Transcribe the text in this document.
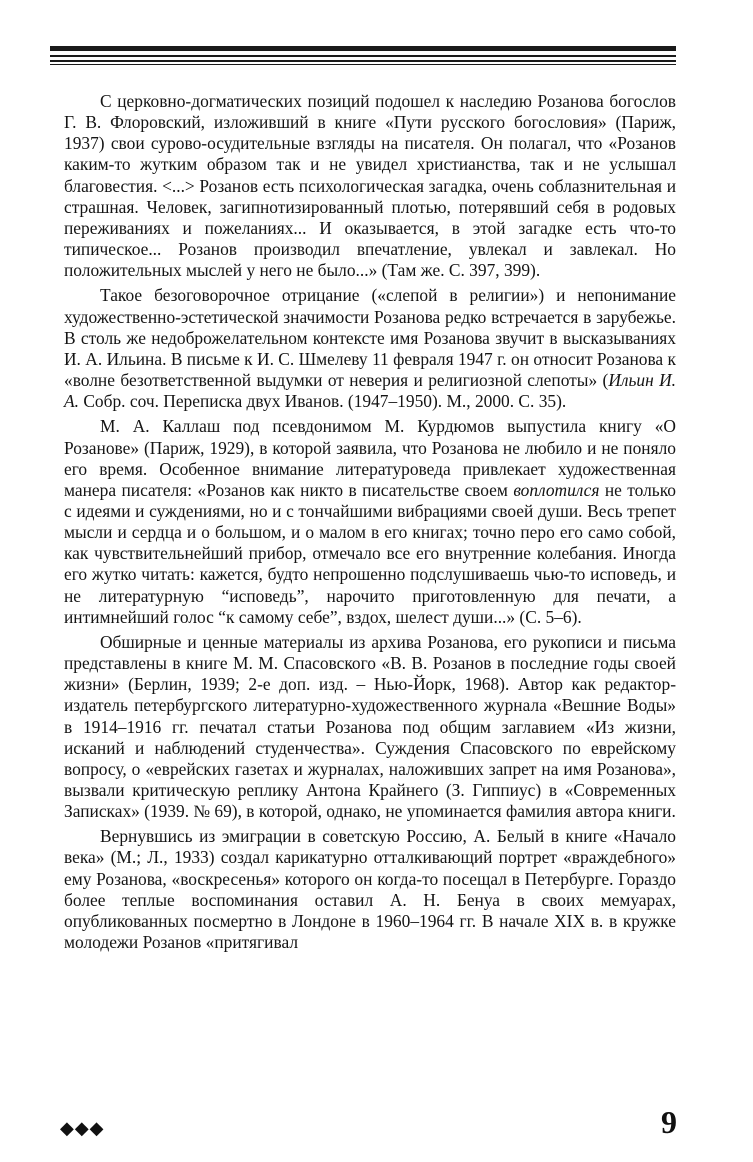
С церковно-догматических позиций подошел к наследию Розанова богослов Г. В. Флоровский, изложивший в книге «Пути русского богословия» (Париж, 1937) свои сурово-осудительные взгляды на писателя. Он полагал, что «Розанов каким-то жутким образом так и не увидел христианства, так и не услышал благовестия. <...> Розанов есть психологическая загадка, очень соблазнительная и страшная. Человек, загипнотизированный плотью, потерявший себя в родовых переживаниях и пожеланиях... И оказывается, в этой загадке есть что-то типическое... Розанов производил впечатление, увлекал и завлекал. Но положительных мыслей у него не было...» (Там же. С. 397, 399).

Такое безоговорочное отрицание («слепой в религии») и непонимание художественно-эстетической значимости Розанова редко встречается в зарубежье. В столь же недоброжелательном контексте имя Розанова звучит в высказываниях И. А. Ильина. В письме к И. С. Шмелеву 11 февраля 1947 г. он относит Розанова к «волне безответственной выдумки от неверия и религиозной слепоты» (Ильин И. А. Собр. соч. Переписка двух Иванов. (1947–1950). М., 2000. С. 35).

М. А. Каллаш под псевдонимом М. Курдюмов выпустила книгу «О Розанове» (Париж, 1929), в которой заявила, что Розанова не любило и не поняло его время. Особенное внимание литературоведа привлекает художественная манера писателя: «Розанов как никто в писательстве своем воплотился не только с идеями и суждениями, но и с тончайшими вибрациями своей души. Весь трепет мысли и сердца и о большом, и о малом в его книгах; точно перо его само собой, как чувствительнейший прибор, отмечало все его внутренние колебания. Иногда его жутко читать: кажется, будто непрошенно подслушиваешь чью-то исповедь, и не литературную “исповедь”, нарочито приготовленную для печати, а интимнейший голос “к самому себе”, вздох, шелест души...» (С. 5–6).

Обширные и ценные материалы из архива Розанова, его рукописи и письма представлены в книге М. М. Спасовского «В. В. Розанов в последние годы своей жизни» (Берлин, 1939; 2-е доп. изд. – Нью-Йорк, 1968). Автор как редактор-издатель петербургского литературно-художественного журнала «Вешние Воды» в 1914–1916 гг. печатал статьи Розанова под общим заглавием «Из жизни, исканий и наблюдений студенчества». Суждения Спасовского по еврейскому вопросу, о «еврейских газетах и журналах, наложивших запрет на имя Розанова», вызвали критическую реплику Антона Крайнего (З. Гиппиус) в «Современных Записках» (1939. № 69), в которой, однако, не упоминается фамилия автора книги.

Вернувшись из эмиграции в советскую Россию, А. Белый в книге «Начало века» (М.; Л., 1933) создал карикатурно отталкивающий портрет «враждебного» ему Розанова, «воскресенья» которого он когда-то посещал в Петербурге. Гораздо более теплые воспоминания оставил А. Н. Бенуа в своих мемуарах, опубликованных посмертно в Лондоне в 1960–1964 гг. В начале XIX в. в кружке молодежи Розанов «притягивал

◆◆◆	9
